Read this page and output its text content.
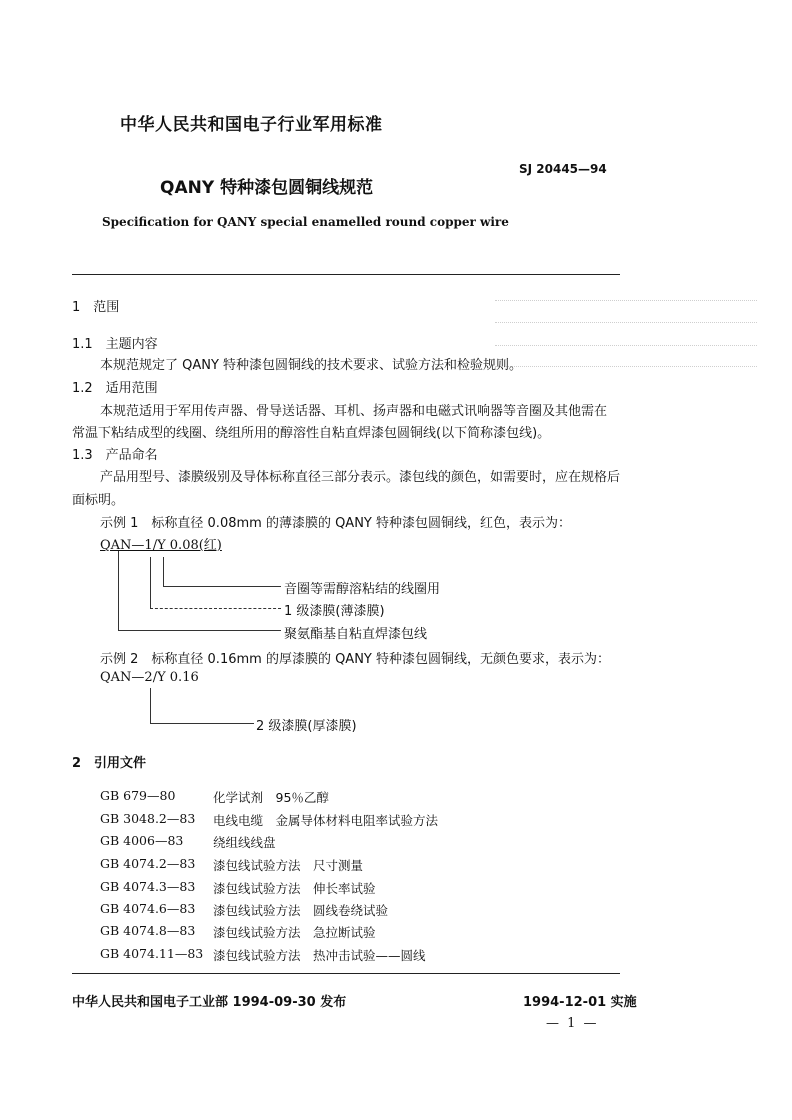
中华人民共和国电子行业军用标准
QANY 特种漆包圆铜线规范
SJ 20445—94
Specification for QANY special enamelled round copper wire
1　范围
1.1　主题内容
本规范规定了 QANY 特种漆包圆铜线的技术要求、试验方法和检验规则。
1.2　适用范围
本规范适用于军用传声器、骨导送话器、耳机、扬声器和电磁式讯响器等音圈及其他需在
常温下粘结成型的线圈、绕组所用的醇溶性自粘直焊漆包圆铜线(以下简称漆包线)。
1.3　产品命名
产品用型号、漆膜级别及导体标称直径三部分表示。漆包线的颜色，如需要时，应在规格后
面标明。
示例 1　标称直径 0.08mm 的薄漆膜的 QANY 特种漆包圆铜线，红色，表示为：
QAN—1/Y 0.08(红)
音圈等需醇溶粘结的线圈用
1 级漆膜(薄漆膜)
聚氨酯基自粘直焊漆包线
示例 2　标称直径 0.16mm 的厚漆膜的 QANY 特种漆包圆铜线，无颜色要求，表示为：
QAN—2/Y 0.16
2 级漆膜(厚漆膜)
2　引用文件
GB 679—80	化学试剂　95％乙醇
GB 3048.2—83 电线电缆　金属导体材料电阻率试验方法
GB 4006—83 绕组线线盘
GB 4074.2—83 漆包线试验方法　尺寸测量
GB 4074.3—83 漆包线试验方法　伸长率试验
GB 4074.6—83 漆包线试验方法　圆线卷绕试验
GB 4074.8—83 漆包线试验方法　急拉断试验
GB 4074.11—83 漆包线试验方法　热冲击试验——圆线
中华人民共和国电子工业部 1994-09-30 发布	1994-12-01 实施
— 1 —
